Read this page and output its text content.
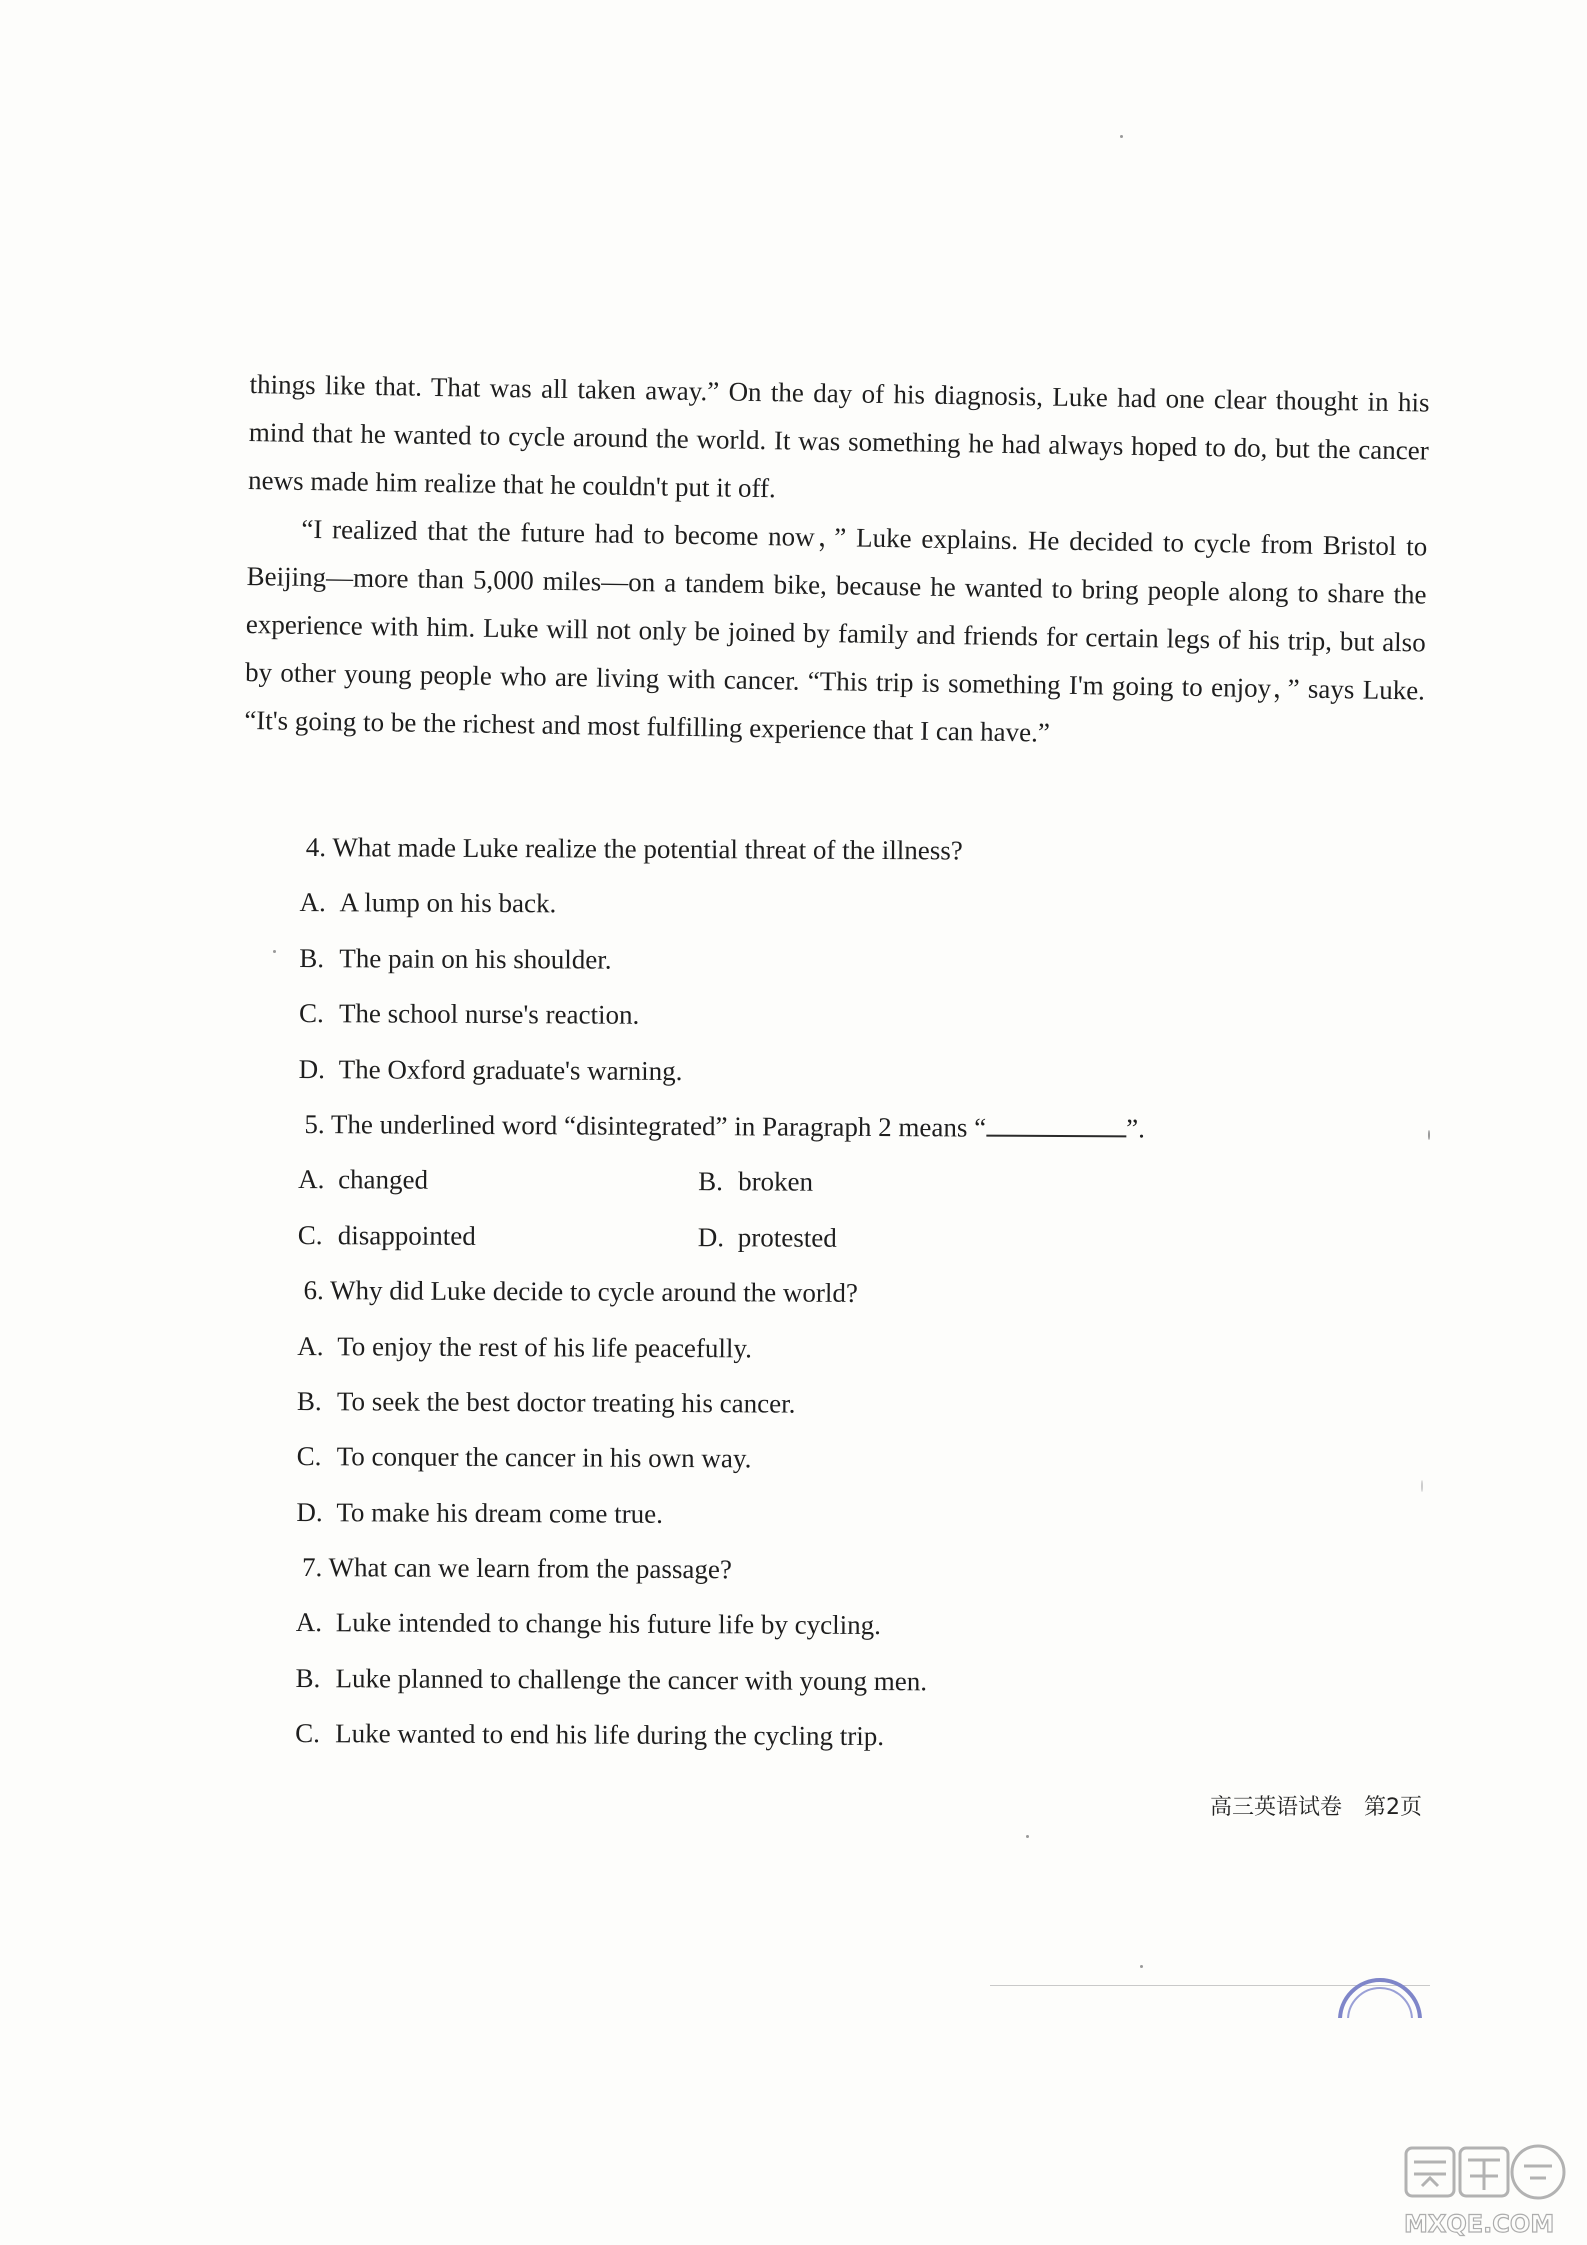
things like that. That was all taken away.” On the day of his diagnosis, Luke had one clear thought in his mind that he wanted to cycle around the world. It was something he had always hoped to do, but the cancer news made him realize that he couldn't put it off.

“I realized that the future had to become now，” Luke explains. He decided to cycle from Bristol to Beijing—more than 5,000 miles—on a tandem bike, because he wanted to bring people along to share the experience with him. Luke will not only be joined by family and friends for certain legs of his trip, but also by other young people who are living with cancer. “This trip is something I'm going to enjoy，” says Luke. “It's going to be the richest and most fulfilling experience that I can have.”

4. What made Luke realize the potential threat of the illness?
A. A lump on his back.
B. The pain on his shoulder.
C. The school nurse's reaction.
D. The Oxford graduate's warning.
5. The underlined word “disintegrated” in Paragraph 2 means “	”.
A. changed	B. broken
C. disappointed	D. protested
6. Why did Luke decide to cycle around the world?
A. To enjoy the rest of his life peacefully.
B. To seek the best doctor treating his cancer.
C. To conquer the cancer in his own way.
D. To make his dream come true.
7. What can we learn from the passage?
A. Luke intended to change his future life by cycling.
B. Luke planned to challenge the cancer with young men.
C. Luke wanted to end his life during the cycling trip.
高三英语试卷 第2页
MXQE.COM
